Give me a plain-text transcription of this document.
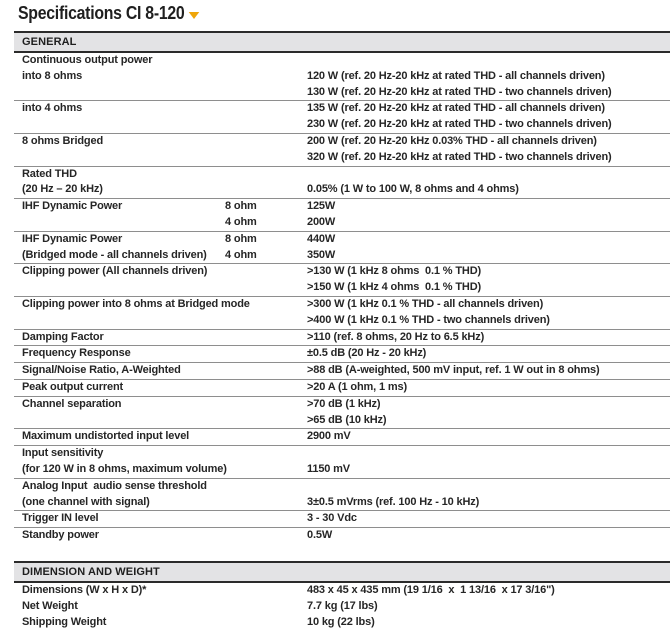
Specifications CI 8-120
GENERAL
Continuous output power
into 8 ohms	120 W (ref. 20 Hz-20 kHz at rated THD - all channels driven)
130 W (ref. 20 Hz-20 kHz at rated THD - two channels driven)
into 4 ohms	135 W (ref. 20 Hz-20 kHz at rated THD - all channels driven)
230 W (ref. 20 Hz-20 kHz at rated THD - two channels driven)
8 ohms Bridged	200 W (ref. 20 Hz-20 kHz 0.03% THD - all channels driven)
320 W (ref. 20 Hz-20 kHz at rated THD - two channels driven)
Rated THD
(20 Hz – 20 kHz)	0.05% (1 W to 100 W, 8 ohms and 4 ohms)
IHF Dynamic Power	8 ohm	125W
4 ohm	200W
IHF Dynamic Power	8 ohm	440W
(Bridged mode - all channels driven)	4 ohm	350W
Clipping power (All channels driven)	>130 W (1 kHz 8 ohms  0.1 % THD)
>150 W (1 kHz 4 ohms  0.1 % THD)
Clipping power into 8 ohms at Bridged mode	>300 W (1 kHz 0.1 % THD - all channels driven)
>400 W (1 kHz 0.1 % THD - two channels driven)
Damping Factor	>110 (ref. 8 ohms, 20 Hz to 6.5 kHz)
Frequency Response	±0.5 dB (20 Hz - 20 kHz)
Signal/Noise Ratio, A-Weighted	>88 dB (A-weighted, 500 mV input, ref. 1 W out in 8 ohms)
Peak output current	>20 A (1 ohm, 1 ms)
Channel separation	>70 dB (1 kHz)
>65 dB (10 kHz)
Maximum undistorted input level	2900 mV
Input sensitivity
(for 120 W in 8 ohms, maximum volume)	1150 mV
Analog Input  audio sense threshold
(one channel with signal)	3±0.5 mVrms (ref. 100 Hz - 10 kHz)
Trigger IN level	3 - 30 Vdc
Standby power	0.5W
DIMENSION AND WEIGHT
Dimensions (W x H x D)*	483 x 45 x 435 mm (19 1/16  x  1 13/16  x 17 3/16")
Net Weight	7.7 kg (17 lbs)
Shipping Weight	10 kg (22 lbs)
